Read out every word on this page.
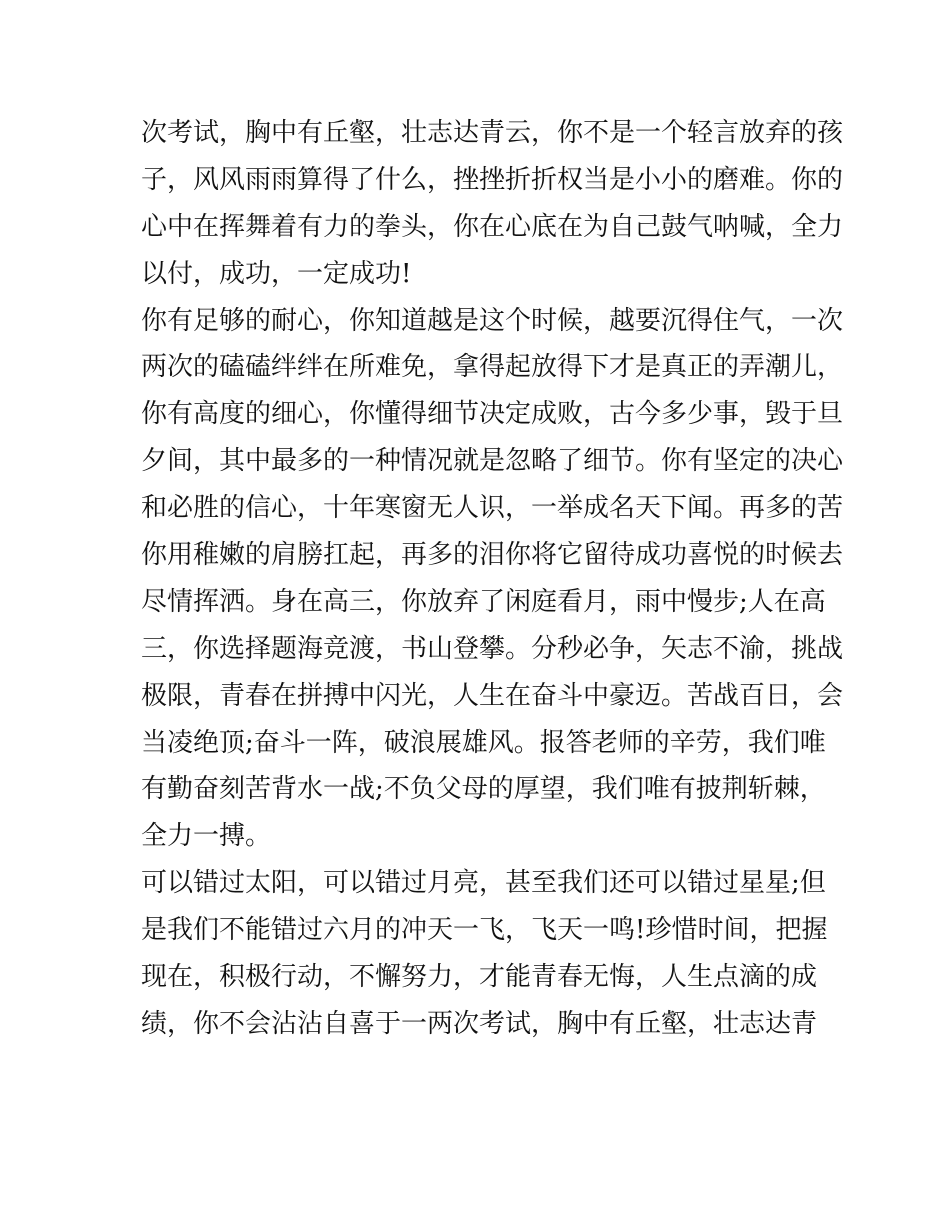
次考试，胸中有丘壑，壮志达青云，你不是一个轻言放弃的孩
子，风风雨雨算得了什么，挫挫折折权当是小小的磨难。你的
心中在挥舞着有力的拳头，你在心底在为自己鼓气呐喊，全力
以付，成功，一定成功!
你有足够的耐心，你知道越是这个时候，越要沉得住气，一次
两次的磕磕绊绊在所难免，拿得起放得下才是真正的弄潮儿，
你有高度的细心，你懂得细节决定成败，古今多少事，毁于旦
夕间，其中最多的一种情况就是忽略了细节。你有坚定的决心
和必胜的信心，十年寒窗无人识，一举成名天下闻。再多的苦
你用稚嫩的肩膀扛起，再多的泪你将它留待成功喜悦的时候去
尽情挥洒。身在高三，你放弃了闲庭看月，雨中慢步;人在高
三，你选择题海竞渡，书山登攀。分秒必争，矢志不渝，挑战
极限，青春在拼搏中闪光，人生在奋斗中豪迈。苦战百日，会
当凌绝顶;奋斗一阵，破浪展雄风。报答老师的辛劳，我们唯
有勤奋刻苦背水一战;不负父母的厚望，我们唯有披荆斩棘，
全力一搏。
可以错过太阳，可以错过月亮，甚至我们还可以错过星星;但
是我们不能错过六月的冲天一飞，飞天一鸣!珍惜时间，把握
现在，积极行动，不懈努力，才能青春无悔，人生点滴的成
绩，你不会沾沾自喜于一两次考试，胸中有丘壑，壮志达青
